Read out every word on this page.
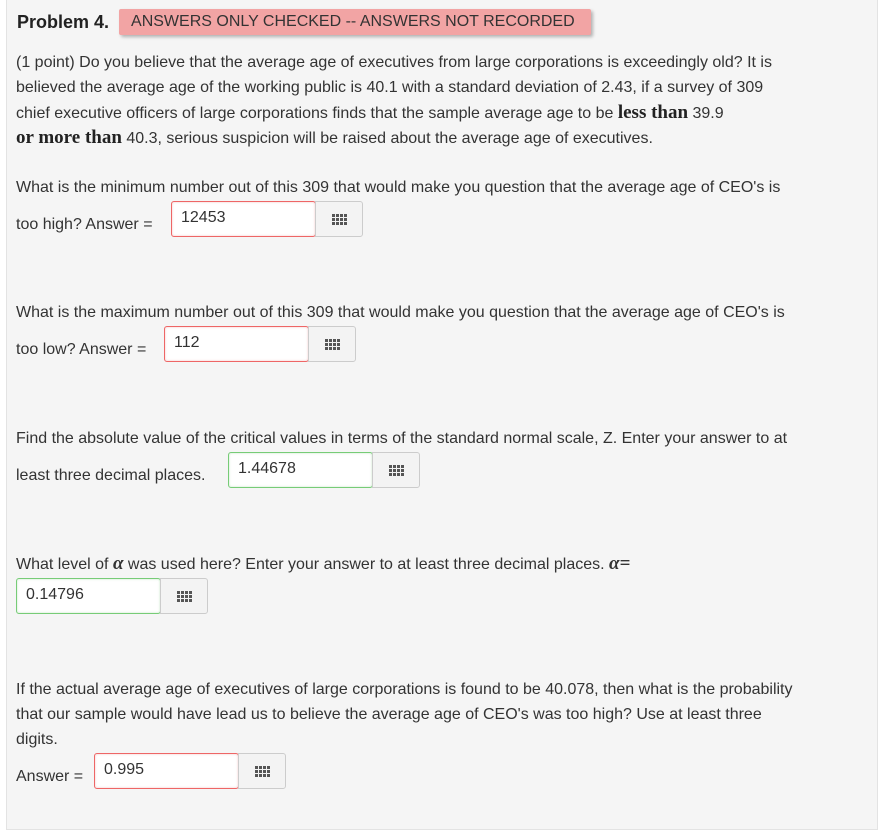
Problem 4.	ANSWERS ONLY CHECKED -- ANSWERS NOT RECORDED
(1 point) Do you believe that the average age of executives from large corporations is exceedingly old? It is
believed the average age of the working public is 40.1 with a standard deviation of 2.43, if a survey of 309
chief executive officers of large corporations finds that the sample average age to be less than 39.9
or more than 40.3, serious suspicion will be raised about the average age of executives.
What is the minimum number out of this 309 that would make you question that the average age of CEO's is
too high? Answer =	12453
What is the maximum number out of this 309 that would make you question that the average age of CEO's is
too low? Answer =	112
Find the absolute value of the critical values in terms of the standard normal scale, Z. Enter your answer to at
least three decimal places.	1.44678
What level of α was used here? Enter your answer to at least three decimal places. α=
0.14796
If the actual average age of executives of large corporations is found to be 40.078, then what is the probability
that our sample would have lead us to believe the average age of CEO's was too high? Use at least three
digits.
Answer =	0.995
